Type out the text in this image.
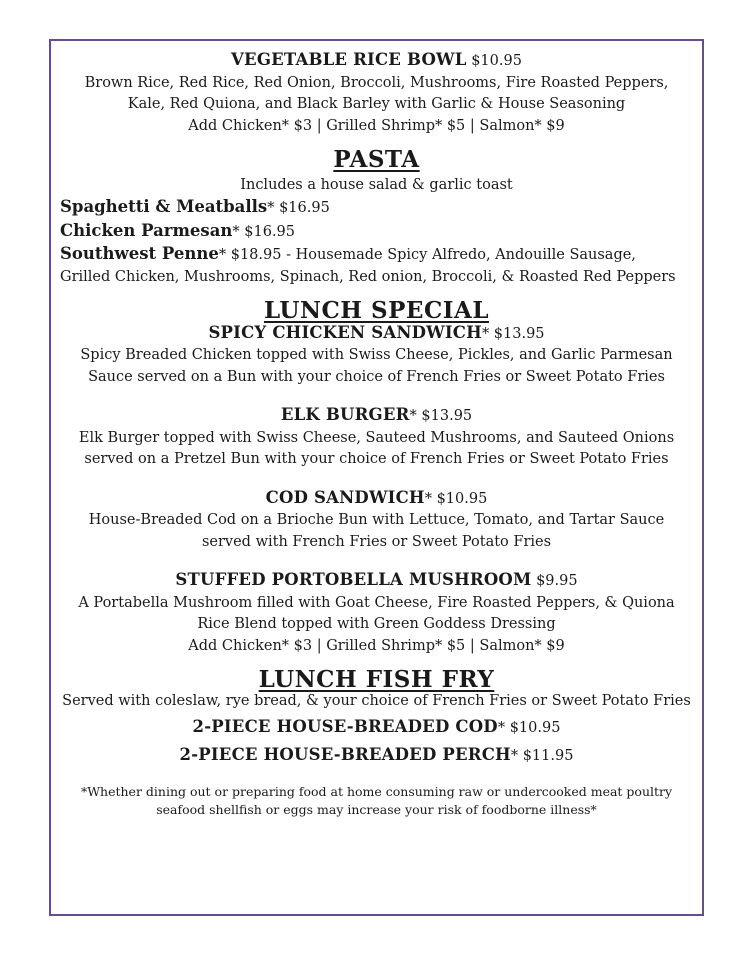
VEGETABLE RICE BOWL $10.95
Brown Rice, Red Rice, Red Onion, Broccoli, Mushrooms, Fire Roasted Peppers,
Kale, Red Quiona, and Black Barley with Garlic & House Seasoning
Add Chicken* $3 | Grilled Shrimp* $5 | Salmon* $9
PASTA
Includes a house salad & garlic toast
Spaghetti & Meatballs* $16.95
Chicken Parmesan* $16.95
Southwest Penne* $18.95 - Housemade Spicy Alfredo, Andouille Sausage,
Grilled Chicken, Mushrooms, Spinach, Red onion, Broccoli, & Roasted Red Peppers
LUNCH SPECIAL
SPICY CHICKEN SANDWICH* $13.95
Spicy Breaded Chicken topped with Swiss Cheese, Pickles, and Garlic Parmesan
Sauce served on a Bun with your choice of French Fries or Sweet Potato Fries
ELK BURGER* $13.95
Elk Burger topped with Swiss Cheese, Sauteed Mushrooms, and Sauteed Onions
served on a Pretzel Bun with your choice of French Fries or Sweet Potato Fries
COD SANDWICH* $10.95
House-Breaded Cod on a Brioche Bun with Lettuce, Tomato, and Tartar Sauce
served with French Fries or Sweet Potato Fries
STUFFED PORTOBELLA MUSHROOM $9.95
A Portabella Mushroom filled with Goat Cheese, Fire Roasted Peppers, & Quiona
Rice Blend topped with Green Goddess Dressing
Add Chicken* $3 | Grilled Shrimp* $5 | Salmon* $9
LUNCH FISH FRY
Served with coleslaw, rye bread, & your choice of French Fries or Sweet Potato Fries
2-PIECE HOUSE-BREADED COD* $10.95
2-PIECE HOUSE-BREADED PERCH* $11.95
*Whether dining out or preparing food at home consuming raw or undercooked meat poultry
seafood shellfish or eggs may increase your risk of foodborne illness*
